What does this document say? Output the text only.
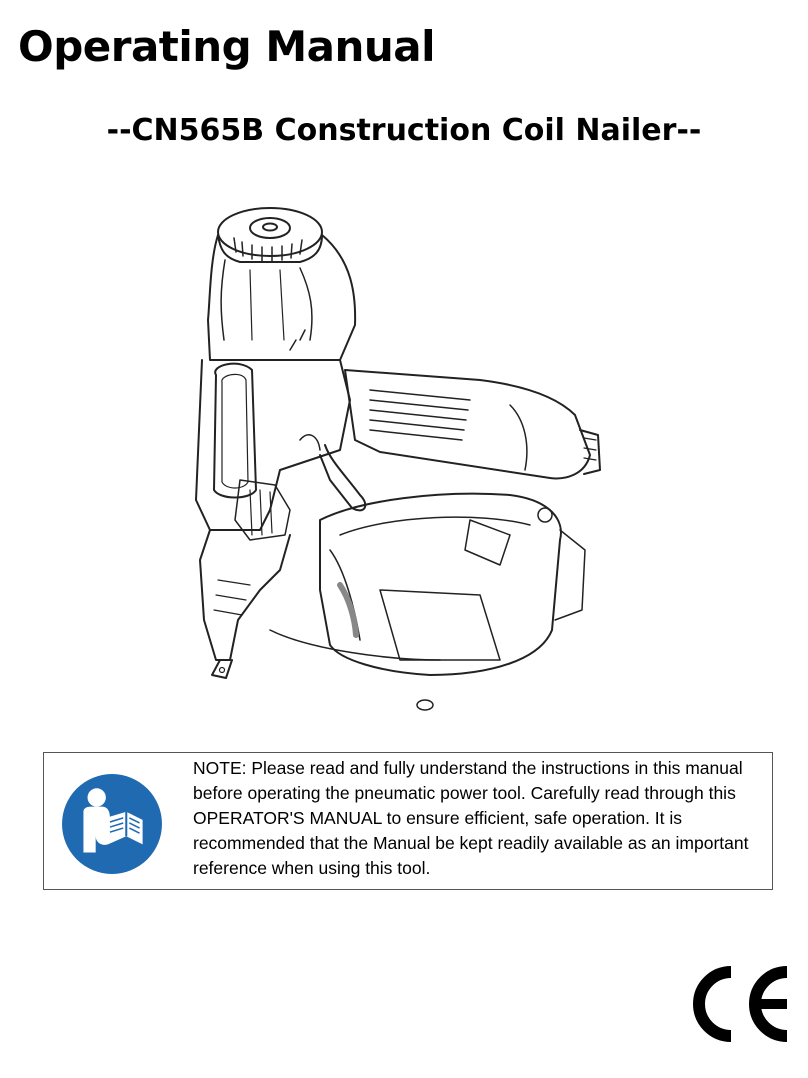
Operating Manual
--CN565B Construction Coil Nailer--

NOTE: Please read and fully understand the instructions in this manual before operating the pneumatic power tool. Carefully read through this OPERATOR'S MANUAL to ensure efficient, safe operation. It is recommended that the Manual be kept readily available as an important reference when using this tool.
